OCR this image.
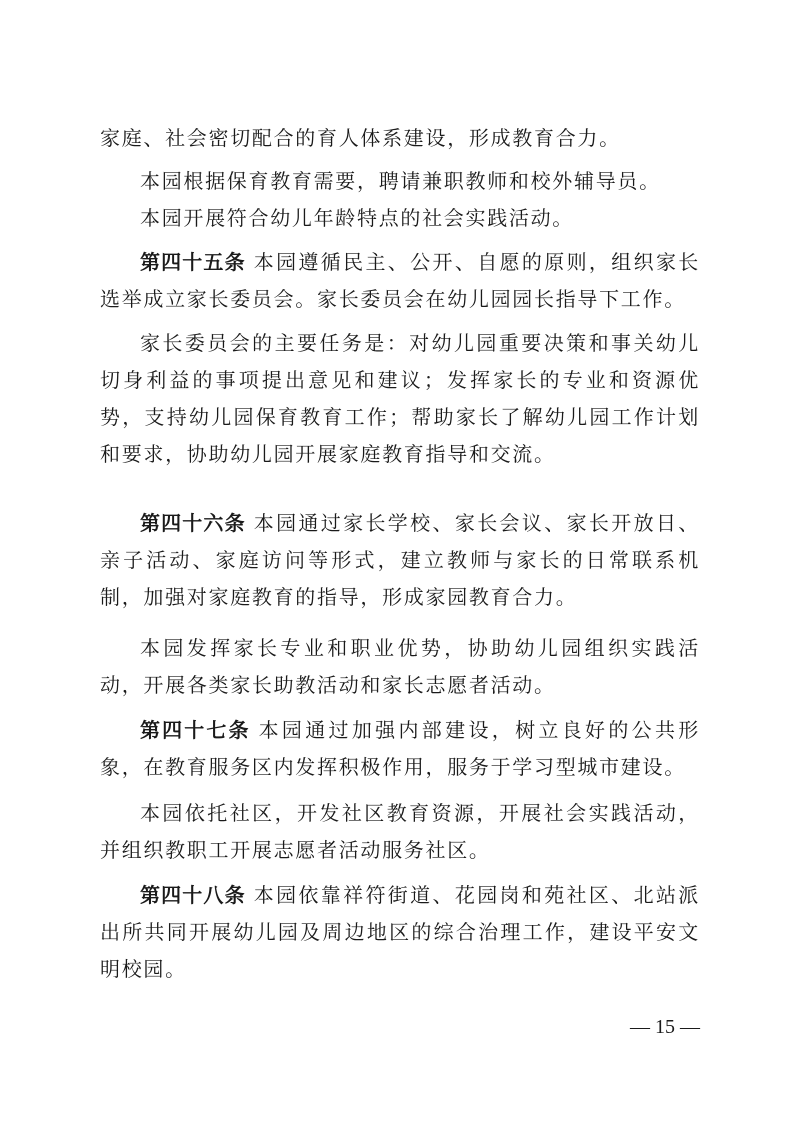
家庭、社会密切配合的育人体系建设，形成教育合力。

本园根据保育教育需要，聘请兼职教师和校外辅导员。

本园开展符合幼儿年龄特点的社会实践活动。

第四十五条 本园遵循民主、公开、自愿的原则，组织家长选举成立家长委员会。家长委员会在幼儿园园长指导下工作。

家长委员会的主要任务是：对幼儿园重要决策和事关幼儿切身利益的事项提出意见和建议；发挥家长的专业和资源优势，支持幼儿园保育教育工作；帮助家长了解幼儿园工作计划和要求，协助幼儿园开展家庭教育指导和交流。

第四十六条 本园通过家长学校、家长会议、家长开放日、亲子活动、家庭访问等形式，建立教师与家长的日常联系机制，加强对家庭教育的指导，形成家园教育合力。

本园发挥家长专业和职业优势，协助幼儿园组织实践活动，开展各类家长助教活动和家长志愿者活动。

第四十七条 本园通过加强内部建设，树立良好的公共形象，在教育服务区内发挥积极作用，服务于学习型城市建设。

本园依托社区，开发社区教育资源，开展社会实践活动，并组织教职工开展志愿者活动服务社区。

第四十八条 本园依靠祥符街道、花园岗和苑社区、北站派出所共同开展幼儿园及周边地区的综合治理工作，建设平安文明校园。

— 15 —
